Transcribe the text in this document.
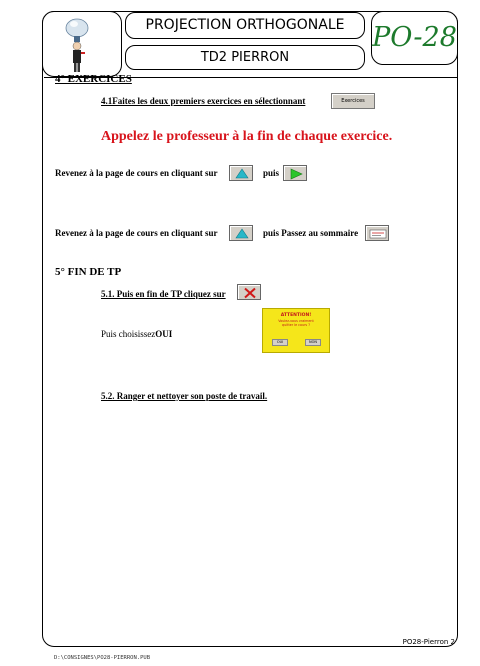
PROJECTION ORTHOGONALE
TD2 PIERRON
PO-28
4° EXERCICES
4.1Faites les deux premiers exercices en sélectionnant	Exercices
Appelez le professeur à la fin de chaque exercice.
Revenez à la page de cours en cliquant sur	puis
Revenez à la page de cours en cliquant sur	puis Passez au sommaire
5° FIN DE TP
5.1. Puis en fin de TP cliquez sur
Puis choisissezOUI
ATTENTION!
Voulez-vous vraiment quitter le cours ?
OUI	NON
5.2. Ranger et nettoyer son poste de travail.
PO28-Pierron 2
D:\CONSIGNES\PO28-PIERRON.PUB
